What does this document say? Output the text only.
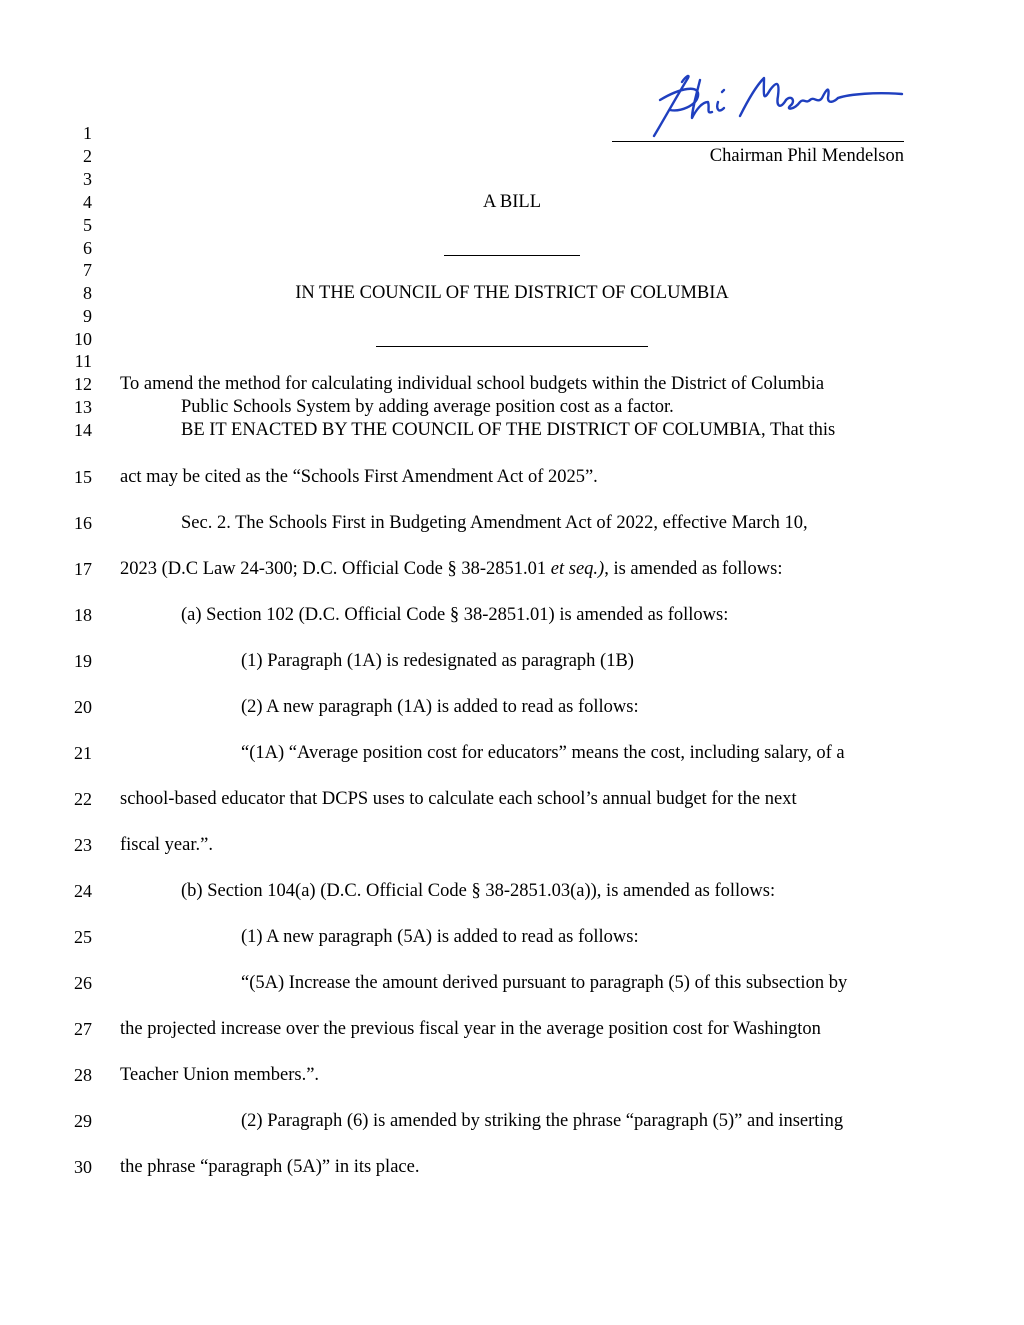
1
2
3
4
5
6
7
8
9
10
11
12
13
14
15
16
17
18
19
20
21
22
23
24
25
26
27
28
29
30
Chairman Phil Mendelson
A BILL
IN THE COUNCIL OF THE DISTRICT OF COLUMBIA
To amend the method for calculating individual school budgets within the District of Columbia
Public Schools System by adding average position cost as a factor.
BE IT ENACTED BY THE COUNCIL OF THE DISTRICT OF COLUMBIA, That this
act may be cited as the “Schools First Amendment Act of 2025”.
Sec. 2. The Schools First in Budgeting Amendment Act of 2022, effective March 10,
2023 (D.C Law 24-300; D.C. Official Code § 38-2851.01 et seq.), is amended as follows:
(a) Section 102 (D.C. Official Code § 38-2851.01) is amended as follows:
(1) Paragraph (1A) is redesignated as paragraph (1B)
(2) A new paragraph (1A) is added to read as follows:
“(1A) “Average position cost for educators” means the cost, including salary, of a
school-based educator that DCPS uses to calculate each school’s annual budget for the next
fiscal year.”.
(b) Section 104(a) (D.C. Official Code § 38-2851.03(a)), is amended as follows:
(1) A new paragraph (5A) is added to read as follows:
“(5A) Increase the amount derived pursuant to paragraph (5) of this subsection by
the projected increase over the previous fiscal year in the average position cost for Washington
Teacher Union members.”.
(2) Paragraph (6) is amended by striking the phrase “paragraph (5)” and inserting
the phrase “paragraph (5A)” in its place.
